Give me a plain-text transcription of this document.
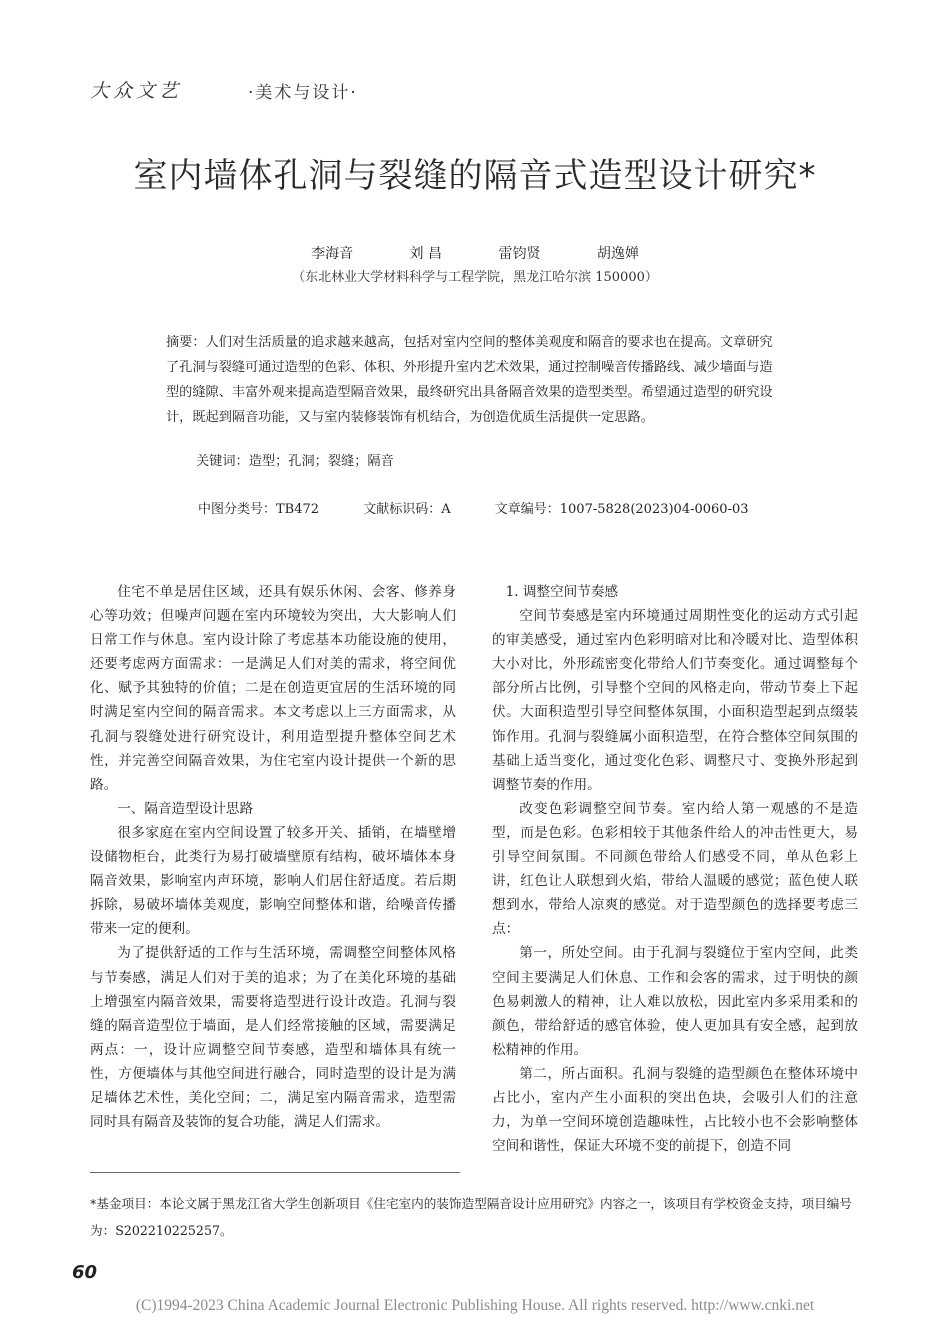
大众文艺	·美术与设计·
室内墙体孔洞与裂缝的隔音式造型设计研究*
李海音	刘 昌	雷钧贤	胡逸婵
（东北林业大学材料科学与工程学院，黑龙江哈尔滨 150000）
摘要：人们对生活质量的追求越来越高，包括对室内空间的整体美观度和隔音的要求也在提高。文章研究了孔洞与裂缝可通过造型的色彩、体积、外形提升室内艺术效果，通过控制噪音传播路线、减少墙面与造型的缝隙、丰富外观来提高造型隔音效果，最终研究出具备隔音效果的造型类型。希望通过造型的研究设计，既起到隔音功能，又与室内装修装饰有机结合，为创造优质生活提供一定思路。
关键词：造型；孔洞；裂缝；隔音
中图分类号：TB472	文献标识码：A	文章编号：1007-5828(2023)04-0060-03

住宅不单是居住区域，还具有娱乐休闲、会客、修养身心等功效；但噪声问题在室内环境较为突出，大大影响人们日常工作与休息。室内设计除了考虑基本功能设施的使用，还要考虑两方面需求：一是满足人们对美的需求，将空间优化、赋予其独特的价值；二是在创造更宜居的生活环境的同时满足室内空间的隔音需求。本文考虑以上三方面需求，从孔洞与裂缝处进行研究设计，利用造型提升整体空间艺术性，并完善空间隔音效果，为住宅室内设计提供一个新的思路。

一、隔音造型设计思路

很多家庭在室内空间设置了较多开关、插销，在墙壁增设储物柜台，此类行为易打破墙壁原有结构，破坏墙体本身隔音效果，影响室内声环境，影响人们居住舒适度。若后期拆除，易破坏墙体美观度，影响空间整体和谐，给噪音传播带来一定的便利。

为了提供舒适的工作与生活环境，需调整空间整体风格与节奏感，满足人们对于美的追求；为了在美化环境的基础上增强室内隔音效果，需要将造型进行设计改造。孔洞与裂缝的隔音造型位于墙面，是人们经常接触的区域，需要满足两点：一，设计应调整空间节奏感，造型和墙体具有统一性，方便墙体与其他空间进行融合，同时造型的设计是为满足墙体艺术性，美化空间；二，满足室内隔音需求，造型需同时具有隔音及装饰的复合功能，满足人们需求。

1. 调整空间节奏感

空间节奏感是室内环境通过周期性变化的运动方式引起的审美感受，通过室内色彩明暗对比和冷暖对比、造型体积大小对比，外形疏密变化带给人们节奏变化。通过调整每个部分所占比例，引导整个空间的风格走向，带动节奏上下起伏。大面积造型引导空间整体氛围，小面积造型起到点缀装饰作用。孔洞与裂缝属小面积造型，在符合整体空间氛围的基础上适当变化，通过变化色彩、调整尺寸、变换外形起到调整节奏的作用。

改变色彩调整空间节奏。室内给人第一观感的不是造型，而是色彩。色彩相较于其他条件给人的冲击性更大，易引导空间氛围。不同颜色带给人们感受不同，单从色彩上讲，红色让人联想到火焰，带给人温暖的感觉；蓝色使人联想到水，带给人凉爽的感觉。对于造型颜色的选择要考虑三点：

第一，所处空间。由于孔洞与裂缝位于室内空间，此类空间主要满足人们休息、工作和会客的需求，过于明快的颜色易刺激人的精神，让人难以放松，因此室内多采用柔和的颜色，带给舒适的感官体验，使人更加具有安全感，起到放松精神的作用。

第二，所占面积。孔洞与裂缝的造型颜色在整体环境中占比小，室内产生小面积的突出色块，会吸引人们的注意力，为单一空间环境创造趣味性，占比较小也不会影响整体空间和谐性，保证大环境不变的前提下，创造不同

*基金项目：本论文属于黑龙江省大学生创新项目《住宅室内的装饰造型隔音设计应用研究》内容之一，该项目有学校资金支持，项目编号为：S202210225257。
60
(C)1994-2023 China Academic Journal Electronic Publishing House. All rights reserved. http://www.cnki.net
